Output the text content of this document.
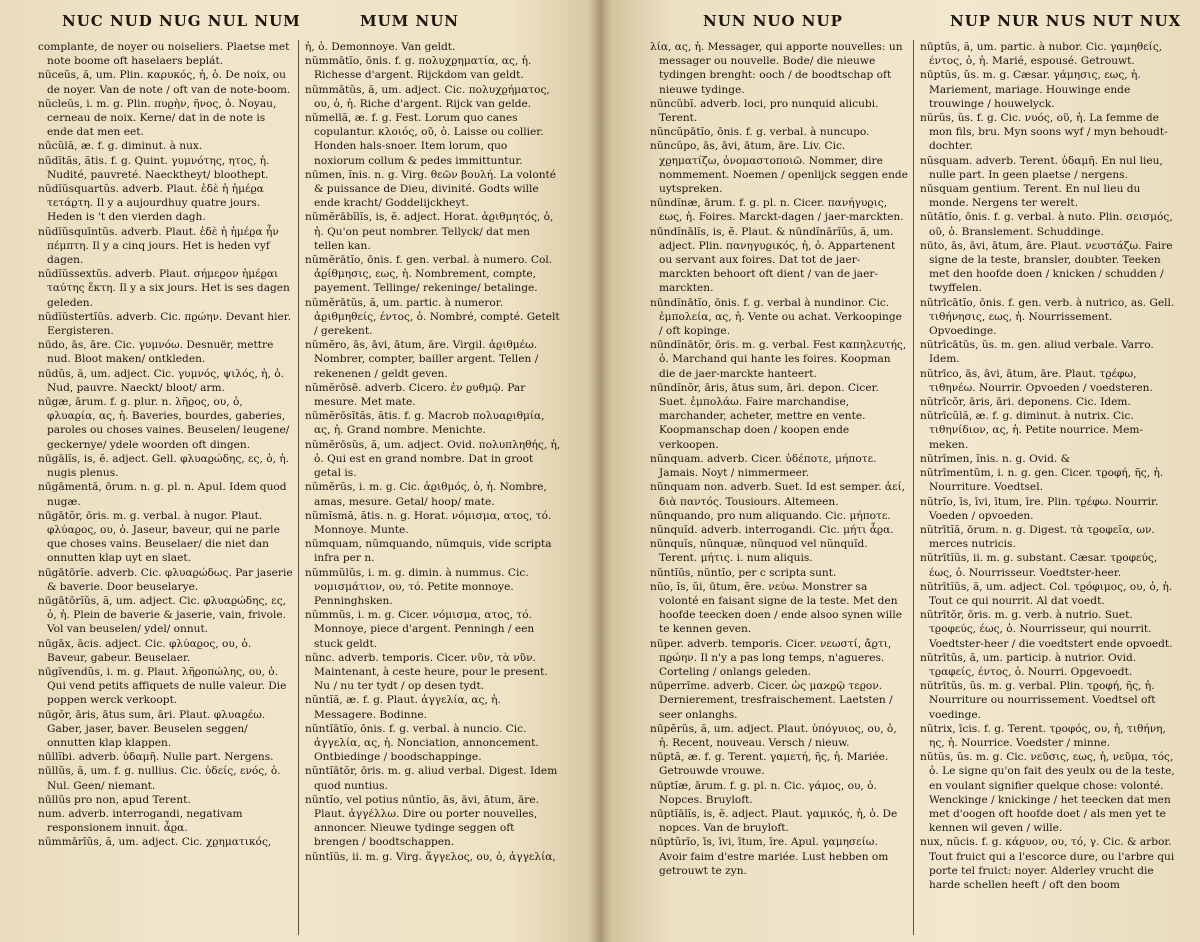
NUC NUD NUG NUL NUM	MUM NUN

complante, de noyer ou noiseliers. Plaetse met note boome oft haselaers beplát.

nŭceŭs, ă, um. Plin. καρυκός, ἡ, ὁ. De noix, ou de noyer. Van de note / oft van de note-boom.

nŭcleŭs, i. m. g. Plin. πυϱὴν, ῆνος, ὁ. Noyau, cerneau de noix. Kerne/ dat in de note is ende dat men eet.

nŭcŭlă, æ. f. g. diminut. à nux.

nŭdĭtăs, ătis. f. g. Quint. γυμνότης, ητος, ἡ. Nudité, pauvreté. Naecktheyt/ bloothept.

nŭdĭŭsquartŭs. adverb. Plaut. ἐδὲ ἡ ἡμέϱα τετάϱτη. Il y a aujourdhuy quatre jours. Heden is 't den vierden dagh.

nŭdĭŭsquīntŭs. adverb. Plaut. ἐδὲ ἡ ἡμέϱα ἦν πέμπτη. Il y a cinq jours. Het is heden vyf dagen.

nŭdĭŭssextŭs. adverb. Plaut. σήμεϱον ἡμέϱαι ταύτης ἕκτη. Il y a six jours. Het is ses dagen geleden.

nŭdĭŭstertĭŭs. adverb. Cic. πϱώην. Devant hier. Eergisteren.

nūdo, ās, āre. Cic. γυμνόω. Desnuër, mettre nud. Bloot maken/ ontkleden.

nūdŭs, ă, um. adject. Cic. γυμνός, ψιλός, ἡ, ὁ. Nud, pauvre. Naeckt/ bloot/ arm.

nūgæ, ārum. f. g. plur. n. λῆϱος, ου, ὁ, φλυαϱία, ας, ἡ. Baveries, bourdes, gaberies, paroles ou choses vaines. Beuselen/ leugene/ geckernye/ ydele woorden oft dingen.

nūgālĭs, is, ĕ. adject. Gell. φλυαϱώδης, ες, ὁ, ἡ. nugis plenus.

nūgāmentă, ōrum. n. g. pl. n. Apul. Idem quod nugæ.

nūgātŏr, ōris. m. g. verbal. à nugor. Plaut. φλύαϱος, ου, ὁ. Jaseur, baveur, qui ne parle que choses vains. Beuselaer/ die niet dan onnutten klap uyt en slaet.

nūgātōrĭe. adverb. Cic. φλυαϱώδως. Par jaserie & baverie. Door beuselarye.

nūgātōrĭŭs, ă, um. adject. Cic. φλυαϱώδης, ες, ὁ, ἡ. Plein de baverie & jaserie, vain, frivole. Vol van beuselen/ ydel/ onnut.

nūgāx, ācis. adject. Cic. φλύαϱος, ου, ὁ. Baveur, gabeur. Beuselaer.

nūgĭvendŭs, i. m. g. Plaut. λῆϱοπώλης, ου, ὁ. Qui vend petits affiquets de nulle valeur. Die poppen werck verkoopt.

nūgŏr, āris, ātus sum, āri. Plaut. φλυαϱέω. Gaber, jaser, baver. Beuselen seggen/ onnutten klap klappen.

nūllĭbi. adverb. ὐδαμῆ. Nulle part. Nergens.

nūllŭs, ă, um. f. g. nullius. Cic. ὐδείς, ενός, ὁ. Nul. Geen/ niemant.

nūllŭs pro non, apud Terent.

num. adverb. interrogandi, negativam responsionem innuit. ἆϱα.

nŭmmārĭŭs, ă, um. adject. Cic. χϱηματικός,

ἡ, ὁ. Demonnoye. Van geldt.

nŭmmātĭo, ōnis. f. g. πολυχϱηματία, ας, ἡ. Richesse d'argent. Rijckdom van geldt.

nŭmmātŭs, ă, um. adject. Cic. πολυχϱήματος, ου, ὁ, ἡ. Riche d'argent. Rijck van gelde.

nŭmellă, æ. f. g. Fest. Lorum quo canes copulantur. κλοιός, οῦ, ὁ. Laisse ou collier. Honden hals-snoer. Item lorum, quo noxiorum collum & pedes immittuntur.

nūmen, ĭnis. n. g. Virg. θεῶν βουλή. La volonté & puissance de Dieu, divinité. Godts wille ende kracht/ Goddelijckheyt.

nŭmĕrābĭlĭs, is, ĕ. adject. Horat. ἀϱιθμητός, ὁ, ἡ. Qu'on peut nombrer. Tellyck/ dat men tellen kan.

nŭmĕrātĭo, ōnis. f. gen. verbal. à numero. Col. ἀϱίθμησις, εως, ἡ. Nombrement, compte, payement. Tellinge/ rekeninge/ betalinge.

nŭmĕrātŭs, ă, um. partic. à numeror. ἀϱιθμηθείς, έντος, ὁ. Nombré, compté. Getelt / gerekent.

nŭmĕro, ās, āvi, ātum, āre. Virgil. ἀϱιθμέω. Nombrer, compter, bailler argent. Tellen / rekenenen / geldt geven.

nŭmĕrōsē. adverb. Cicero. ἐν ϱυθμῷ. Par mesure. Met mate.

nŭmĕrōsĭtăs, ătis. f. g. Macrob πολυαϱιθμία, ας, ἡ. Grand nombre. Menichte.

nŭmĕrōsŭs, ă, um. adject. Ovid. πολυπληθής, ἡ, ὁ. Qui est en grand nombre. Dat in groot getal is.

nŭmĕrŭs, i. m. g. Cic. ἀϱιθμός, ὁ, ἡ. Nombre, amas, mesure. Getal/ hoop/ mate.

nŭmĭsmă, ătis. n. g. Horat. νόμισμα, ατος, τό. Monnoye. Munte.

nŭmquam, nŭmquando, nŭmquis, vide scripta infra per n.

nŭmmŭlŭs, i. m. g. dimin. à nummus. Cic. νομισμάτιον, ου, τό. Petite monnoye. Penninghsken.

nŭmmŭs, i. m. g. Cicer. νόμισμα, ατος, τό. Monnoye, piece d'argent. Penningh / een stuck geldt.

nŭnc. adverb. temporis. Cicer. νῦν, τὰ νῦν. Maintenant, à ceste heure, pour le present. Nu / nu ter tydt / op desen tydt.

nŭntĭă, æ. f. g. Plaut. ἀγγελία, ας, ἡ. Messagere. Bodinne.

nŭntĭātĭo, ōnis. f. g. verbal. à nuncio. Cic. ἀγγελία, ας, ἡ. Nonciation, annoncement. Ontbiedinge / boodschappinge.

nŭntĭātŏr, ōris. m. g. aliud verbal. Digest. Idem quod nuntius.

nŭntĭo, vel potius nūntĭo, ās, āvi, ātum, āre. Plaut. ἀγγέλλω. Dire ou porter nouvelles, annoncer. Nieuwe tydinge seggen oft brengen / boodtschappen.

nŭntĭŭs, ii. m. g. Virg. ἄγγελος, ου, ὁ, ἀγγελία,

NUN NUO NUP	NUP NUR NUS NUT NUX

λία, ας, ἡ. Messager, qui apporte nouvelles: un messager ou nouvelle. Bode/ die nieuwe tydingen brenght: ooch / de boodtschap oft nieuwe tydinge.

nŭncŭbĭ. adverb. loci, pro nunquid alicubi. Terent.

nŭncŭpātĭo, ōnis. f. g. verbal. à nuncupo.

nŭncŭpo, ās, āvi, ātum, āre. Liv. Cic. χϱηματίζω, ὀνομαστοποιῶ. Nommer, dire nommement. Noemen / openlijck seggen ende uytspreken.

nūndĭnæ, ārum. f. g. pl. n. Cicer. πανήγυϱις, εως, ἡ. Foires. Marckt-dagen / jaer-marckten.

nūndĭnālĭs, is, ĕ. Plaut. & nūndĭnārĭŭs, ă, um. adject. Plin. πανηγυϱικός, ἡ, ὁ. Appartenent ou servant aux foires. Dat tot de jaer-marckten behoort oft dient / van de jaer-marckten.

nūndĭnātĭo, ōnis. f. g. verbal à nundinor. Cic. ἐμπολεία, ας, ἡ. Vente ou achat. Verkoopinge / oft kopinge.

nūndĭnātŏr, ōris. m. g. verbal. Fest καπηλευτής, ὁ. Marchand qui hante les foires. Koopman die de jaer-marckte hanteert.

nūndĭnŏr, āris, ātus sum, āri. depon. Cicer. Suet. ἐμπολάω. Faire marchandise, marchander, acheter, mettre en vente. Koopmanschap doen / koopen ende verkoopen.

nŭnquam. adverb. Cicer. ὐδέποτε, μήποτε. Jamais. Noyt / nimmermeer.

nŭnquam non. adverb. Suet. Id est semper. ἀεί, διὰ παντός. Tousiours. Altemeen.

nŭnquando, pro num aliquando. Cic. μήποτε.

nŭnquĭd. adverb. interrogandi. Cic. μήτι ἆϱα.

nŭnquĭs, nŭnquæ, nŭnquod vel nŭnquĭd. Terent. μήτις. i. num aliquis.

nŭntĭŭs, nŭntĭo, per c scripta sunt.

nŭo, ĭs, ŭi, ūtum, ĕre. νεύω. Monstrer sa volonté en faisant signe de la teste. Met den hoofde teecken doen / ende alsoo synen wille te kennen geven.

nūper. adverb. temporis. Cicer. νεωστί, ἄϱτι, πϱώην. Il n'y a pas long temps, n'agueres. Corteling / onlangs geleden.

nūperrĭme. adverb. Cicer. ὡς μαϰϱῷ τεϱον. Dernierement, tresfraischement. Laetsten / seer onlanghs.

nūpĕrŭs, ă, um. adject. Plaut. ὑπόγυιος, ου, ὁ, ἡ. Recent, nouveau. Versch / nieuw.

nūptă, æ. f. g. Terent. γαμετή, ῆς, ἡ. Mariée. Getrouwde vrouwe.

nūptĭæ, ārum. f. g. pl. n. Cic. γάμος, ου, ὁ. Nopces. Bruyloft.

nūptĭālĭs, is, ĕ. adject. Plaut. γαμικός, ἡ, ὁ. De nopces. Van de bruyloft.

nūptŭrĭo, īs, īvi, ītum, īre. Apul. γαμησείω. Avoir faim d'estre mariée. Lust hebben om getrouwt te zyn.

nūptŭs, ă, um. partic. à nubor. Cic. γαμηθείς, έντος, ὁ, ἡ. Marié, espousé. Getrouwt.

nūptŭs, ŭs. m. g. Cæsar. γάμησις, εως, ἡ. Mariement, mariage. Houwinge ende trouwinge / houwelyck.

nŭrŭs, ŭs. f. g. Cic. νυός, οῦ, ἡ. La femme de mon fils, bru. Myn soons wyf / myn behoudt-dochter.

nŭsquam. adverb. Terent. ὐδαμῆ. En nul lieu, nulle part. In geen plaetse / nergens.

nŭsquam gentium. Terent. En nul lieu du monde. Nergens ter werelt.

nŭtātĭo, ōnis. f. g. verbal. à nuto. Plin. σεισμός, οῦ, ὁ. Branslement. Schuddinge.

nūto, ās, āvi, ātum, āre. Plaut. νευστάζω. Faire signe de la teste, bransler, doubter. Teeken met den hoofde doen / knicken / schudden / twyffelen.

nŭtrīcātĭo, ōnis. f. gen. verb. à nutrico, as. Gell. τιθήνησις, εως, ἡ. Nourrissement. Opvoedinge.

nŭtrīcātŭs, ŭs. m. gen. aliud verbale. Varro. Idem.

nŭtrīco, ās, āvi, ātum, āre. Plaut. τϱέφω, τιθηνέω. Nourrir. Opvoeden / voedsteren.

nŭtrīcŏr, āris, āri. deponens. Cic. Idem.

nŭtrīcŭlă, æ. f. g. diminut. à nutrix. Cic. τιθηνίδιον, ας, ἡ. Petite nourrice. Mem-meken.

nŭtrīmen, ĭnis. n. g. Ovid. &

nŭtrīmentŭm, i. n. g. gen. Cicer. τϱοφή, ῆς, ἡ. Nourriture. Voedtsel.

nŭtrĭo, īs, īvi, ītum, īre. Plin. τϱέφω. Nourrir. Voeden / opvoeden.

nŭtrītĭă, ōrum. n. g. Digest. τὰ τϱοφεῖα, ων. merces nutricis.

nŭtrītĭŭs, ii. m. g. substant. Cæsar. τϱοφεύς, έως, ὁ. Nourrisseur. Voedtster-heer.

nŭtrītĭŭs, ă, um. adject. Col. τϱόφιμος, ου, ὁ, ἡ. Tout ce qui nourrit. Al dat voedt.

nŭtrītŏr, ōris. m. g. verb. à nutrio. Suet. τϱοφεύς, έως, ὁ. Nourrisseur, qui nourrit. Voedtster-heer / die voedtstert ende opvoedt.

nŭtrītŭs, ă, um. particip. à nutrior. Ovid. τϱαφείς, έντος, ὁ. Nourri. Opgevoedt.

nŭtrītŭs, ŭs. m. g. verbal. Plin. τϱοφή, ῆς, ἡ. Nourriture ou nourrissement. Voedtsel oft voedinge.

nŭtrix, īcis. f. g. Terent. τϱοφός, ου, ἡ, τιθήνη, ης, ἡ. Nourrice. Voedster / minne.

nŭtŭs, ŭs. m. g. Cic. νεῦσις, εως, ἡ, νεῦμα, τός, ὁ. Le signe qu'on fait des yeulx ou de la teste, en voulant signifier quelque chose: volonté. Wenckinge / knickinge / het teecken dat men met d'oogen oft hoofde doet / als men yet te kennen wil geven / wille.

nux, nŭcis. f. g. κάϱυον, ου, τό, γ. Cic. & arbor. Tout fruict qui a l'escorce dure, ou l'arbre qui porte tel fruict: noyer. Alderley vrucht die harde schellen heeft / oft den boom
